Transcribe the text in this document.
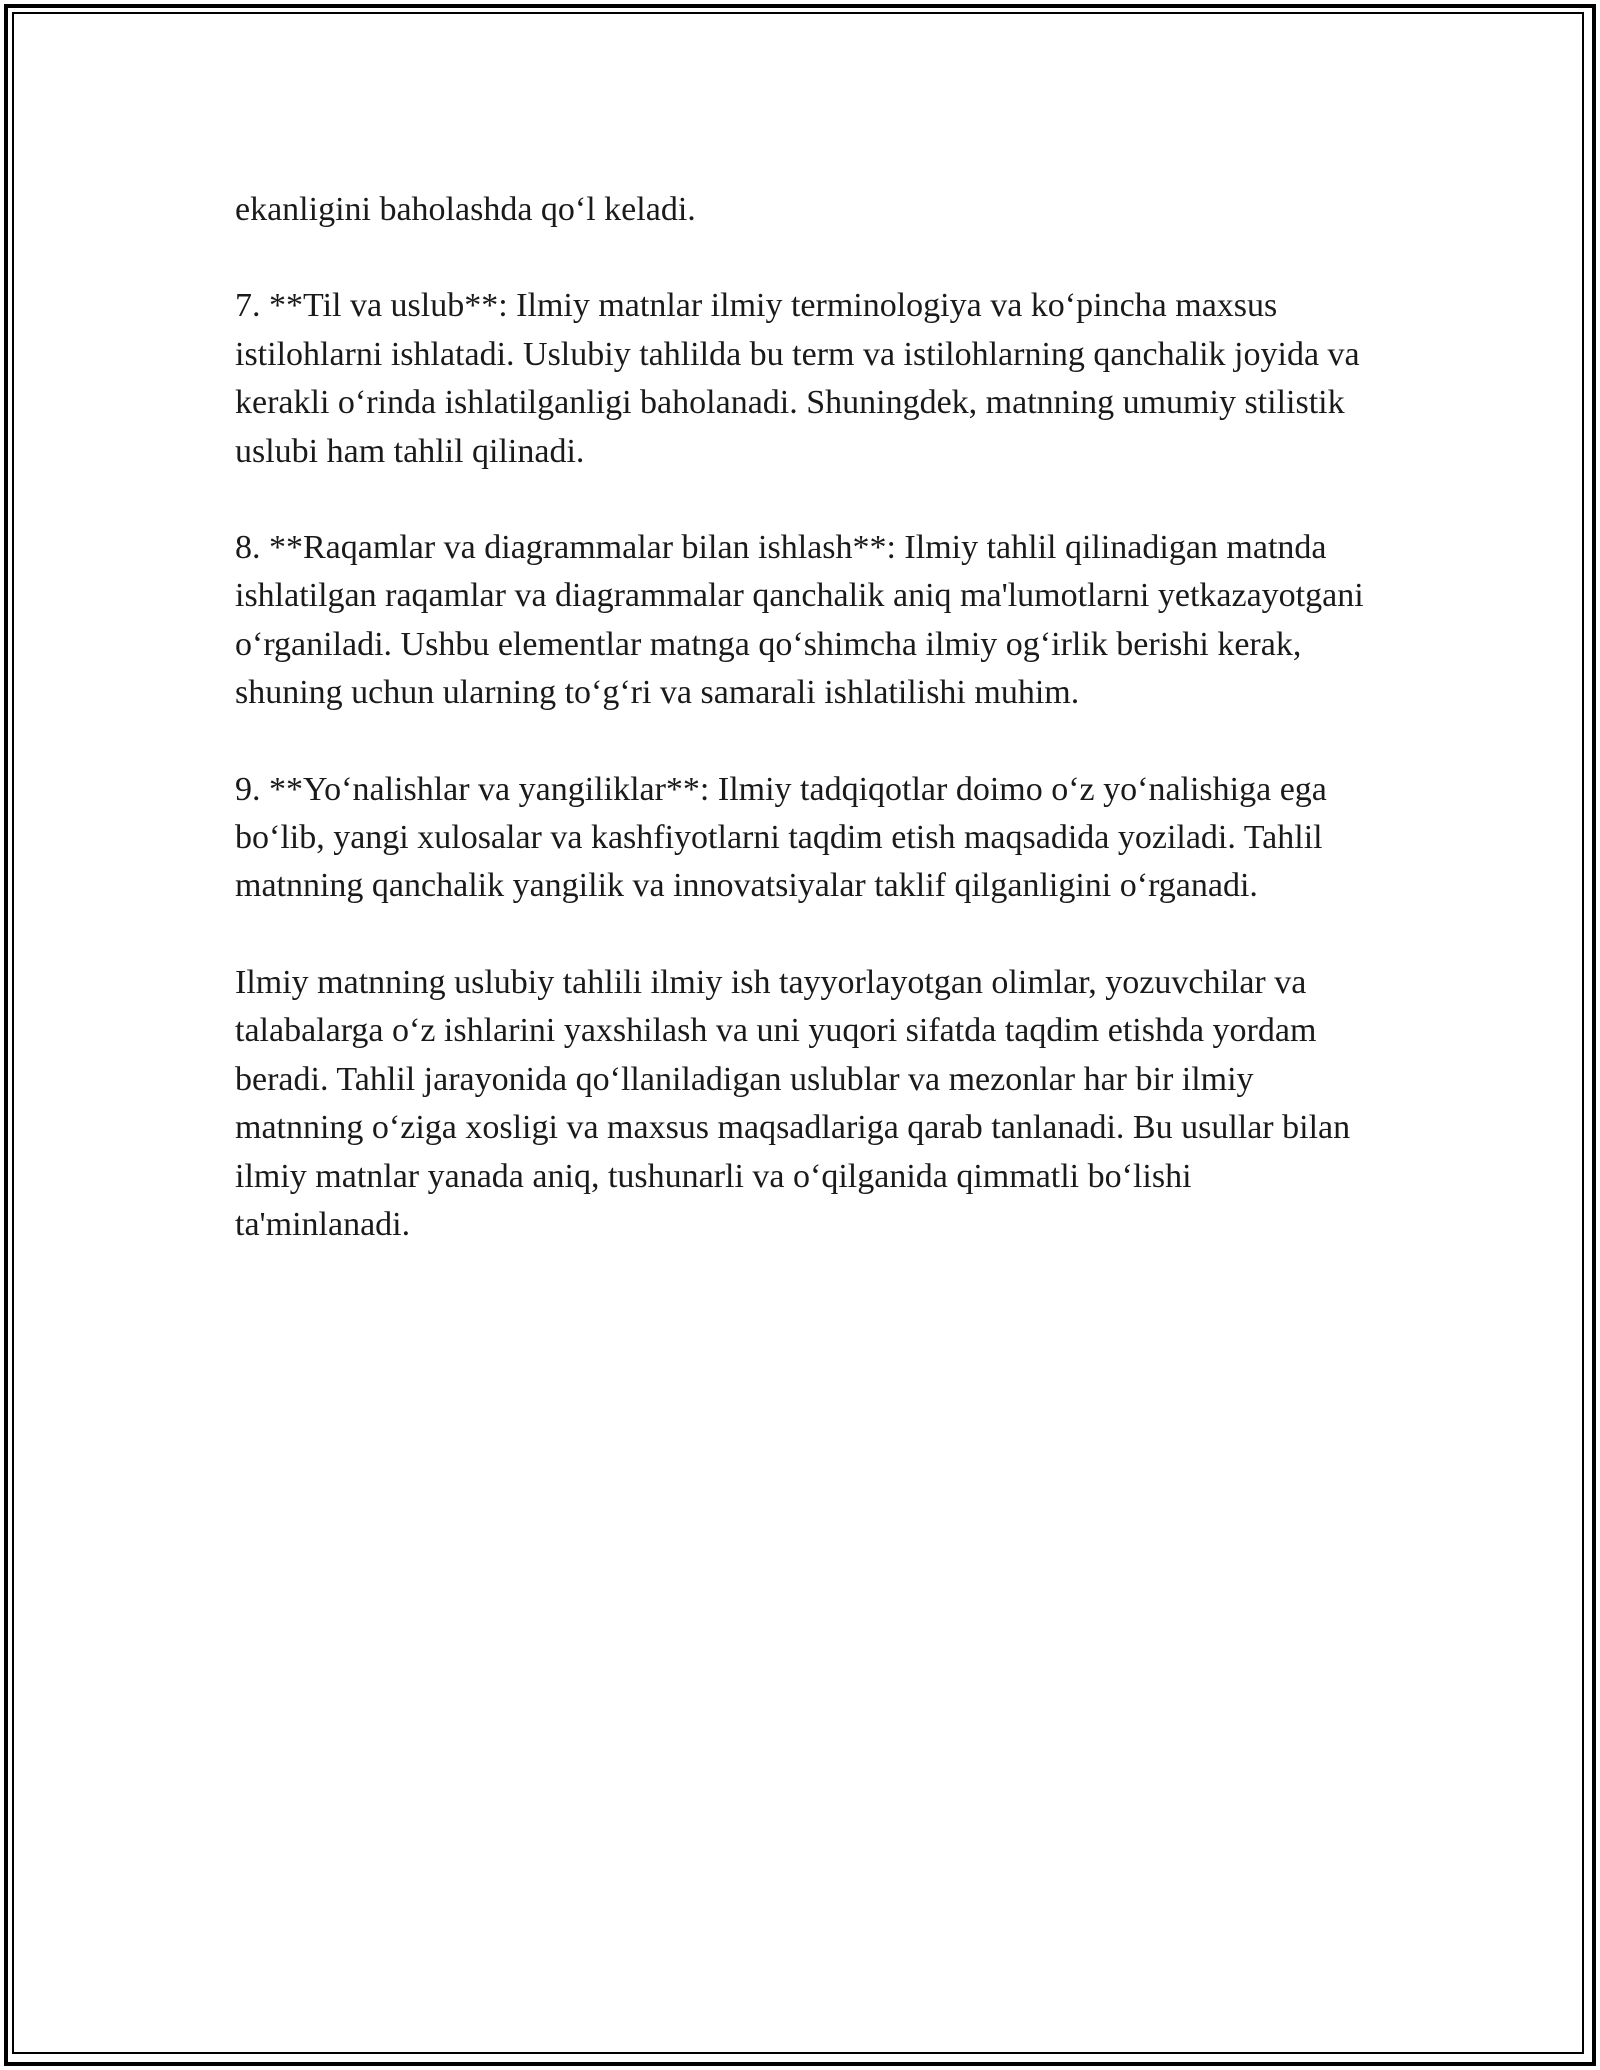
ekanligini baholashda qo‘l keladi.

7. **Til va uslub**: Ilmiy matnlar ilmiy terminologiya va ko‘pincha maxsus istilohlarni ishlatadi. Uslubiy tahlilda bu term va istilohlarning qanchalik joyida va kerakli o‘rinda ishlatilganligi baholanadi. Shuningdek, matnning umumiy stilistik uslubi ham tahlil qilinadi.

8. **Raqamlar va diagrammalar bilan ishlash**: Ilmiy tahlil qilinadigan matnda ishlatilgan raqamlar va diagrammalar qanchalik aniq ma'lumotlarni yetkazayotgani o‘rganiladi. Ushbu elementlar matnga qo‘shimcha ilmiy og‘irlik berishi kerak, shuning uchun ularning to‘g‘ri va samarali ishlatilishi muhim.

9. **Yo‘nalishlar va yangiliklar**: Ilmiy tadqiqotlar doimo o‘z yo‘nalishiga ega bo‘lib, yangi xulosalar va kashfiyotlarni taqdim etish maqsadida yoziladi. Tahlil matnning qanchalik yangilik va innovatsiyalar taklif qilganligini o‘rganadi.

Ilmiy matnning uslubiy tahlili ilmiy ish tayyorlayotgan olimlar, yozuvchilar va talabalarga o‘z ishlarini yaxshilash va uni yuqori sifatda taqdim etishda yordam beradi. Tahlil jarayonida qo‘llaniladigan uslublar va mezonlar har bir ilmiy matnning o‘ziga xosligi va maxsus maqsadlariga qarab tanlanadi. Bu usullar bilan ilmiy matnlar yanada aniq, tushunarli va o‘qilganida qimmatli bo‘lishi ta'minlanadi.
